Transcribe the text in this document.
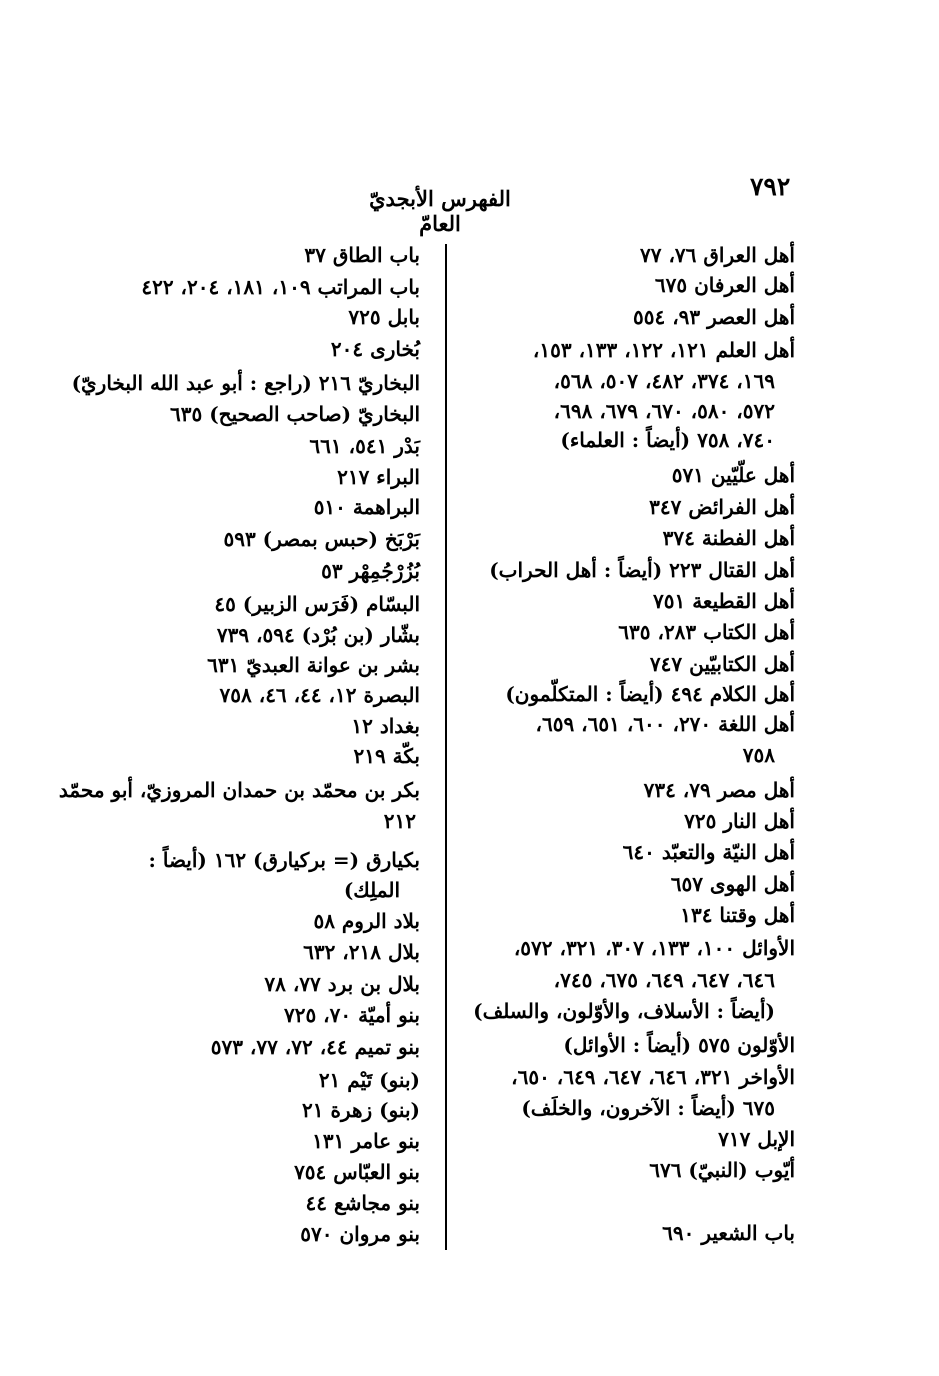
٧٩٢
الفهرس الأبجديّ العامّ
أهل العراق ٧٦، ٧٧
أهل العرفان ٦٧٥
أهل العصر ٩٣، ٥٥٤
أهل العلم ١٢١، ١٢٢، ١٣٣، ١٥٣،
١٦٩، ٣٧٤، ٤٨٢، ٥٠٧، ٥٦٨،
٥٧٢، ٥٨٠، ٦٧٠، ٦٧٩، ٦٩٨،
٧٤٠، ٧٥٨ (أيضاً : العلماء)
أهل علّيّين ٥٧١
أهل الفرائض ٣٤٧
أهل الفطنة ٣٧٤
أهل القتال ٢٢٣ (أيضاً : أهل الحراب)
أهل القطيعة ٧٥١
أهل الكتاب ٢٨٣، ٦٣٥
أهل الكتابيّين ٧٤٧
أهل الكلام ٤٩٤ (أيضاً : المتكلّمون)
أهل اللغة ٢٧٠، ٦٠٠، ٦٥١، ٦٥٩،
٧٥٨
أهل مصر ٧٩، ٧٣٤
أهل النار ٧٢٥
أهل النيّة والتعبّد ٦٤٠
أهل الهوى ٦٥٧
أهل وقتنا ١٣٤
الأوائل ١٠٠، ١٣٣، ٣٠٧، ٣٢١، ٥٧٢،
٦٤٦، ٦٤٧، ٦٤٩، ٦٧٥، ٧٤٥،
(أيضاً : الأسلاف، والأوّلون، والسلف)
الأوّلون ٥٧٥ (أيضاً : الأوائل)
الأواخر ٣٢١، ٦٤٦، ٦٤٧، ٦٤٩، ٦٥٠،
٦٧٥ (أيضاً : الآخرون، والخلَف)
الإبل ٧١٧
أيّوب (النبيّ) ٦٧٦
باب الشعير ٦٩٠
باب الطاق ٣٧
باب المراتب ١٠٩، ١٨١، ٢٠٤، ٤٢٢
بابل ٧٢٥
بُخارى ٢٠٤
البخاريّ ٢١٦ (راجع : أبو عبد الله البخاريّ)
البخاريّ (صاحب الصحيح) ٦٣٥
بَدْر ٥٤١، ٦٦١
البراء ٢١٧
البراهمة ٥١٠
بَرْبَخ (حبس بمصر) ٥٩٣
بُزُرْجُمِهْر ٥٣
البسّام (فَرَس الزبير) ٤٥
بشّار (بن بُرْد) ٥٩٤، ٧٣٩
بشر بن عوانة العبديّ ٦٣١
البصرة ١٢، ٤٤، ٤٦، ٧٥٨
بغداد ١٢
بكّة ٢١٩
بكر بن محمّد بن حمدان المروزيّ، أبو محمّد
٢١٢
بكيارق (= بركيارق) ١٦٢ (أيضاً :
الملِك)
بلاد الروم ٥٨
بلال ٢١٨، ٦٣٢
بلال بن برد ٧٧، ٧٨
بنو أميّة ٧٠، ٧٢٥
بنو تميم ٤٤، ٧٢، ٧٧، ٥٧٣
(بنو) تَيْم ٢١
(بنو) زهرة ٢١
بنو عامر ١٣١
بنو العبّاس ٧٥٤
بنو مجاشع ٤٤
بنو مروان ٥٧٠
